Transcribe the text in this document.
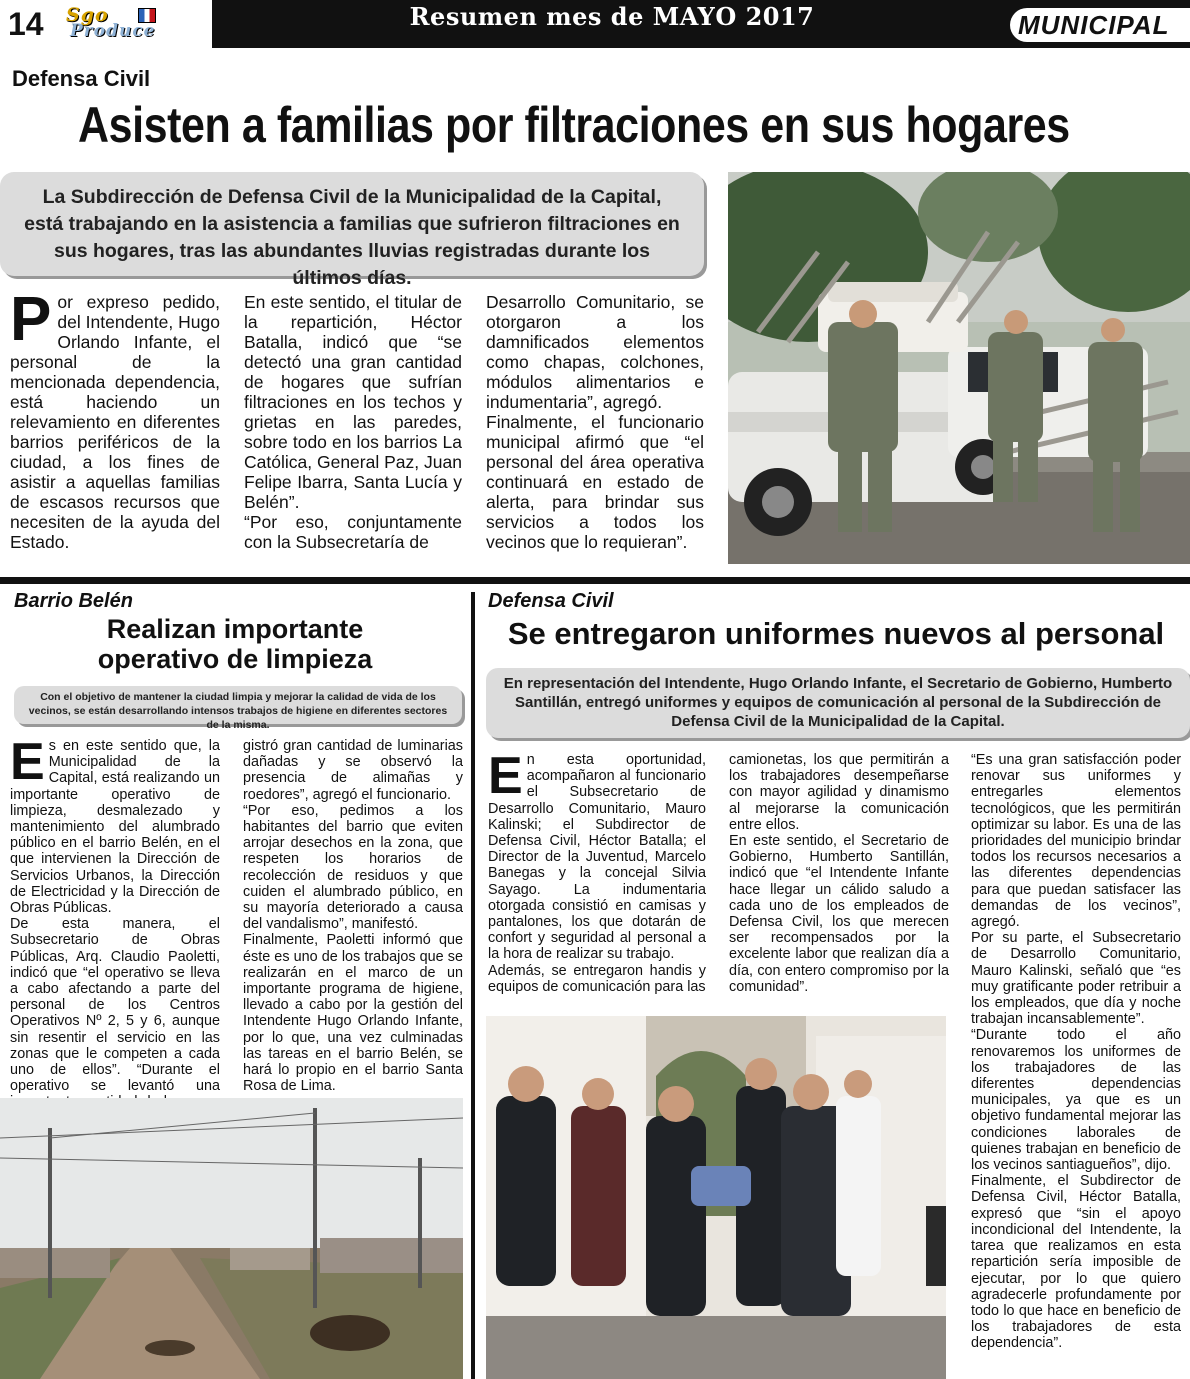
14 Sgo
Produce	Resumen mes de MAYO 2017	MUNICIPAL
Defensa Civil
Asisten a familias por filtraciones en sus hogares
La Subdirección de Defensa Civil de la Municipalidad de la Capital, está trabajando en la asistencia a familias que sufrieron filtraciones en sus hogares, tras las abundantes lluvias registradas durante los últimos días.
P or expreso pedido, del Intendente, Hugo Orlando Infante, el personal de la mencionada dependencia, está haciendo un relevamiento en diferentes barrios periféricos de la ciudad, a los fines de asistir a aquellas familias de escasos recursos que necesiten de la ayuda del Estado.

En este sentido, el titular de la repartición, Héctor Batalla, indicó que “se detectó una gran cantidad de hogares que sufrían filtraciones en los techos y grietas en las paredes, sobre todo en los barrios La Católica, General Paz, Juan Felipe Ibarra, Santa Lucía y Belén”.

“Por eso, conjuntamente con la Subsecretaría de

Desarrollo Comunitario, se otorgaron a los damnificados elementos como chapas, colchones, módulos alimentarios e indumentaria”, agregó.

Finalmente, el funcionario municipal afirmó que “el personal del área operativa continuará en estado de alerta, para brindar sus servicios a todos los vecinos que lo requieran”.

Barrio Belén
Realizan importante
operativo de limpieza
Con el objetivo de mantener la ciudad limpia y mejorar la calidad de vida de los vecinos, se están desarrollando intensos trabajos de higiene en diferentes sectores de la misma.
E s en este sentido que, la Municipalidad de la Capital, está realizando un importante operativo de limpieza, desmalezado y mantenimiento del alumbrado público en el barrio Belén, en el que intervienen la Dirección de Servicios Urbanos, la Dirección de Electricidad y la Dirección de Obras Públicas.

De esta manera, el Subsecretario de Obras Públicas, Arq. Claudio Paoletti, indicó que “el operativo se lleva a cabo afectando a parte del personal de los Centros Operativos Nº 2, 5 y 6, aunque sin resentir el servicio en las zonas que le competen a cada uno de ellos”. “Durante el operativo se levantó una

gistró gran cantidad de luminarias dañadas y se observó la presencia de alimañas y roedores”, agregó el funcionario.

“Por eso, pedimos a los habitantes del barrio que eviten arrojar desechos en la zona, que respeten los horarios de recolección de residuos y que cuiden el alumbrado público, en su mayoría deteriorado a causa del vandalismo”, manifestó.

Finalmente, Paoletti informó que éste es uno de los trabajos que se realizarán en el marco de un importante programa de higiene, llevado a cabo por la gestión del Intendente Hugo Orlando Infante, por lo que, una vez culminadas las tareas en el barrio Belén, se hará lo propio en el barrio Santa Rosa de Lima.

Defensa Civil
Se entregaron uniformes nuevos al personal
En representación del Intendente, Hugo Orlando Infante, el Secretario de Gobierno, Humberto Santillán, entregó uniformes y equipos de comunicación al personal de la Subdirección de Defensa Civil de la Municipalidad de la Capital.
E n esta oportunidad, acompañaron al funcionario el Subsecretario de Desarrollo Comunitario, Mauro Kalinski; el Subdirector de Defensa Civil, Héctor Batalla; el Director de la Juventud, Marcelo Banegas y la concejal Silvia Sayago. La indumentaria otorgada consistió en camisas y pantalones, los que dotarán de confort y seguridad al personal a la hora de realizar su trabajo.

Además, se entregaron handis y equipos de comunicación para las

camionetas, los que permitirán a los trabajadores desempeñarse con mayor agilidad y dinamismo al mejorarse la comunicación entre ellos.

En este sentido, el Secretario de Gobierno, Humberto Santillán, indicó que “el Intendente Infante hace llegar un cálido saludo a cada uno de los empleados de Defensa Civil, los que merecen ser recompensados por la excelente labor que realizan día a día, con entero compromiso por la comunidad”.

“Es una gran satisfacción poder renovar sus uniformes y entregarles elementos tecnológicos, que les permitirán optimizar su labor. Es una de las prioridades del municipio brindar todos los recursos necesarios a las diferentes dependencias para que puedan satisfacer las demandas de los vecinos”, agregó.

Por su parte, el Subsecretario de Desarrollo Comunitario, Mauro Kalinski, señaló que “es muy gratificante poder retribuir a los empleados, que día y noche trabajan incansablemente”.

“Durante todo el año renovaremos los uniformes de los trabajadores de las diferentes dependencias municipales, ya que es un objetivo fundamental mejorar las condiciones laborales de quienes trabajan en beneficio de los vecinos santiagueños”, dijo.

Finalmente, el Subdirector de Defensa Civil, Héctor Batalla, expresó que “sin el apoyo incondicional del Intendente, la tarea que realizamos en esta repartición sería imposible de ejecutar, por lo que quiero agradecerle profundamente por todo lo que hace en beneficio de los trabajadores de esta dependencia”.
